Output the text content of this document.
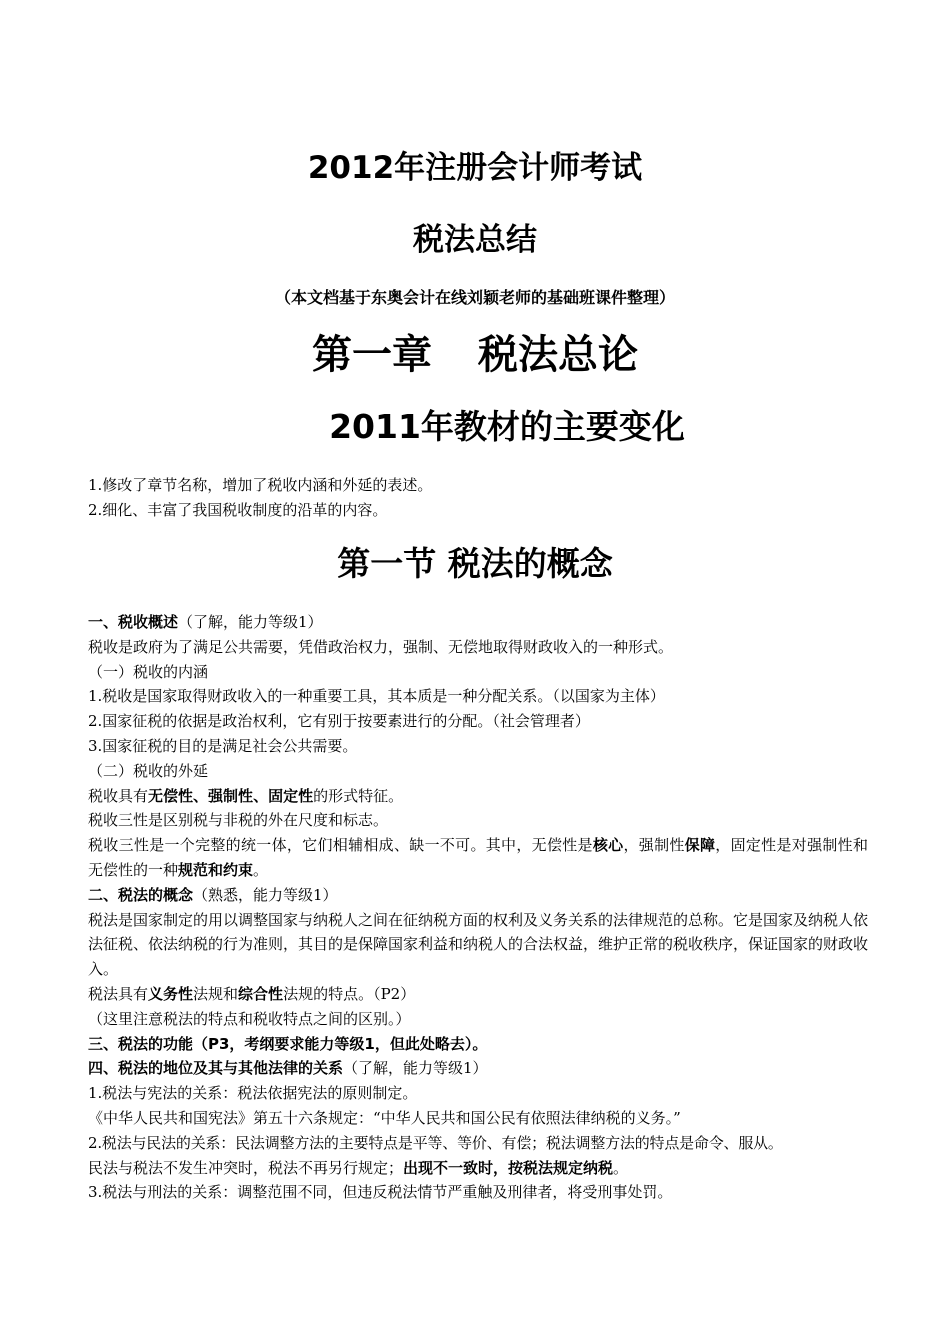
2012年注册会计师考试
税法总结
（本文档基于东奥会计在线刘颖老师的基础班课件整理）
第一章 税法总论
2011年教材的主要变化

1.修改了章节名称，增加了税收内涵和外延的表述。

2.细化、丰富了我国税收制度的沿革的内容。

第一节 税法的概念

一、税收概述（了解，能力等级1）

税收是政府为了满足公共需要，凭借政治权力，强制、无偿地取得财政收入的一种形式。

（一）税收的内涵

1.税收是国家取得财政收入的一种重要工具，其本质是一种分配关系。（以国家为主体）

2.国家征税的依据是政治权利，它有别于按要素进行的分配。（社会管理者）

3.国家征税的目的是满足社会公共需要。

（二）税收的外延

税收具有无偿性、强制性、固定性的形式特征。

税收三性是区别税与非税的外在尺度和标志。

税收三性是一个完整的统一体，它们相辅相成、缺一不可。其中，无偿性是核心，强制性保障，固定性是对强制性和无偿性的一种规范和约束。

二、税法的概念（熟悉，能力等级1）

税法是国家制定的用以调整国家与纳税人之间在征纳税方面的权利及义务关系的法律规范的总称。它是国家及纳税人依法征税、依法纳税的行为准则，其目的是保障国家利益和纳税人的合法权益，维护正常的税收秩序，保证国家的财政收入。

税法具有义务性法规和综合性法规的特点。（P2）

（这里注意税法的特点和税收特点之间的区别。）

三、税法的功能（P3，考纲要求能力等级1，但此处略去）。

四、税法的地位及其与其他法律的关系（了解，能力等级1）

1.税法与宪法的关系：税法依据宪法的原则制定。

《中华人民共和国宪法》第五十六条规定：“中华人民共和国公民有依照法律纳税的义务。”

2.税法与民法的关系：民法调整方法的主要特点是平等、等价、有偿；税法调整方法的特点是命令、服从。

民法与税法不发生冲突时，税法不再另行规定；出现不一致时，按税法规定纳税。

3.税法与刑法的关系：调整范围不同，但违反税法情节严重触及刑律者，将受刑事处罚。
